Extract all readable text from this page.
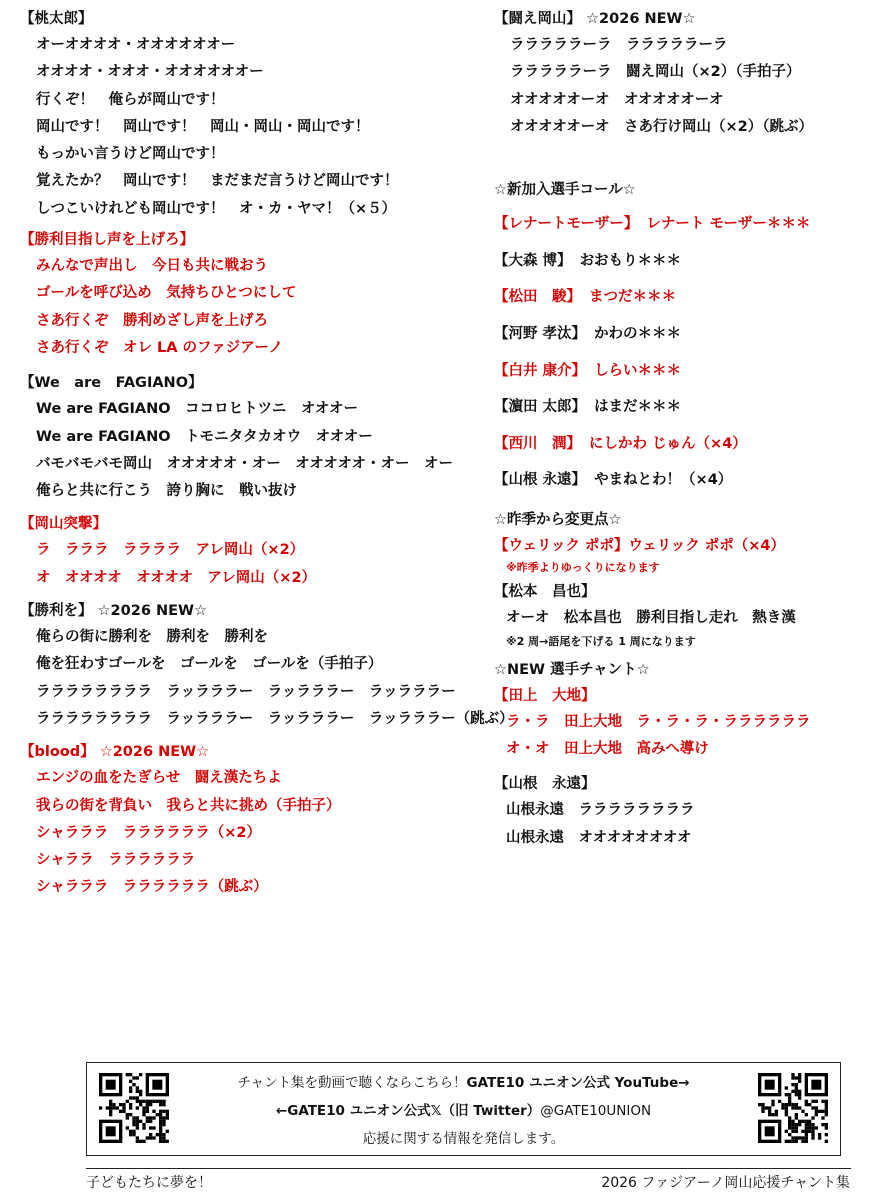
【桃太郎】
オーオオオオ・オオオオオオー
オオオオ・オオオ・オオオオオオー
行くぞ！　俺らが岡山です！
岡山です！　岡山です！　岡山・岡山・岡山です！
もっかい言うけど岡山です！
覚えたか？　岡山です！　まだまだ言うけど岡山です！
しつこいけれども岡山です！　オ・カ・ヤマ！（×５）
【勝利目指し声を上げろ】
みんなで声出し　今日も共に戦おう
ゴールを呼び込め　気持ちひとつにして
さあ行くぞ　勝利めざし声を上げろ
さあ行くぞ　オレ LA のファジアーノ
【We　are　FAGIANO】
We are FAGIANO　ココロヒトツニ　オオオー
We are FAGIANO　トモニタタカオウ　オオオー
バモバモバモ岡山　オオオオオ・オー　オオオオオ・オー　オー
俺らと共に行こう　誇り胸に　戦い抜け
【岡山突撃】
ラ　ラララ　ララララ　アレ岡山（×2）
オ　オオオオ　オオオオ　アレ岡山（×2）
【勝利を】 ☆2026 NEW☆
俺らの街に勝利を　勝利を　勝利を
俺を狂わすゴールを　ゴールを　ゴールを（手拍子）
ララララララララ　ラッラララー　ラッラララー　ラッラララー
ララララララララ　ラッラララー　ラッラララー　ラッラララー（跳ぶ）
【blood】 ☆2026 NEW☆
エンジの血をたぎらせ　闘え漢たちよ
我らの街を背負い　我らと共に挑め（手拍子）
シャラララ　ララララララ（×2）
シャララ　ララララララ
シャラララ　ララララララ（跳ぶ）
【闘え岡山】 ☆2026 NEW☆
ラララララーラ　ラララララーラ
ラララララーラ　闘え岡山（×2）（手拍子）
オオオオオーオ　オオオオオーオ
オオオオオーオ　さあ行け岡山（×2）（跳ぶ）
☆新加入選手コール☆
【レナートモーザー】 レナート モーザー＊＊＊
【大森 博】 おおもり＊＊＊
【松田　駿】 まつだ＊＊＊
【河野 孝汰】 かわの＊＊＊
【白井 康介】 しらい＊＊＊
【濵田 太郎】 はまだ＊＊＊
【西川　潤】 にしかわ じゅん（×4）
【山根 永遠】 やまねとわ！（×4）
☆昨季から変更点☆
【ウェリック ポポ】ウェリック ポポ（×4）
※昨季よりゆっくりになります
【松本　昌也】
オーオ　松本昌也　勝利目指し走れ　熱き漢
※2 周→語尾を下げる 1 周になります
☆NEW 選手チャント☆
【田上　大地】
ラ・ラ　田上大地　ラ・ラ・ラ・ララララララ
オ・オ　田上大地　高みへ導け
【山根　永遠】
山根永遠　ララララララララ
山根永遠　オオオオオオオオ
チャント集を動画で聴くならこちら！GATE10 ユニオン公式 YouTube→
←GATE10 ユニオン公式𝕏（旧 Twitter）@GATE10UNION
応援に関する情報を発信します。
子どもたちに夢を！	2026 ファジアーノ岡山応援チャント集
